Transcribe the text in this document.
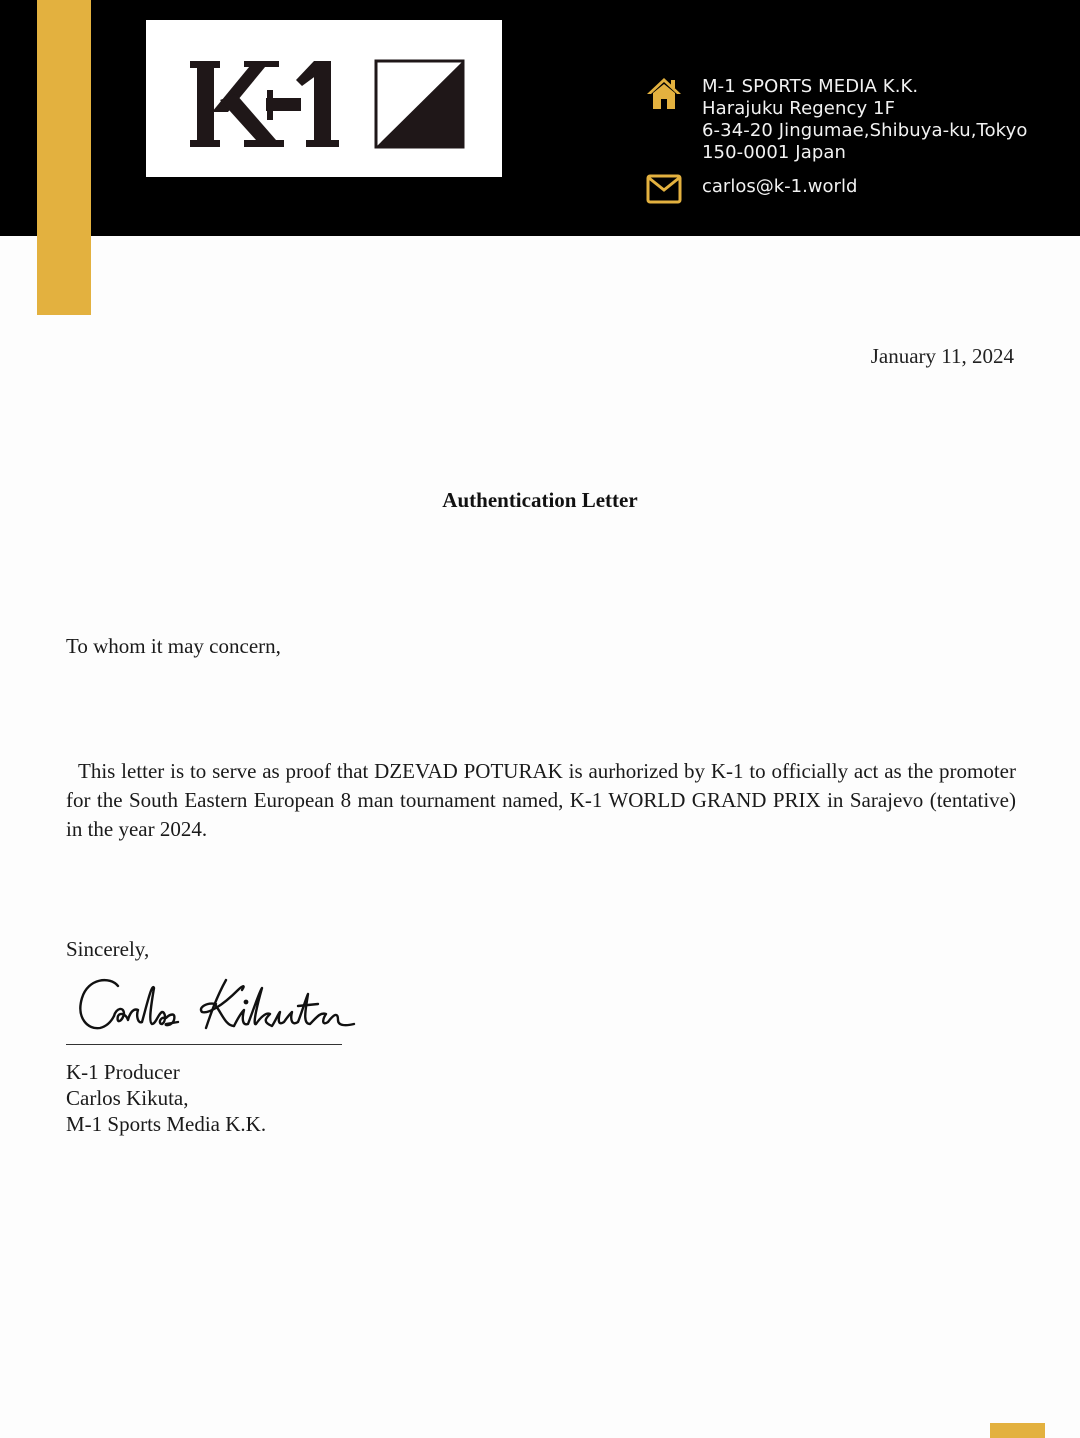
M-1 SPORTS MEDIA K.K.
Harajuku Regency 1F
6-34-20 Jingumae,Shibuya-ku,Tokyo
150-0001 Japan
carlos@k-1.world
January 11, 2024
Authentication Letter
To whom it may concern,
This letter is to serve as proof that DZEVAD POTURAK is aurhorized by K-1 to officially act as the promoter for the South Eastern European 8 man tournament named, K-1 WORLD GRAND PRIX in Sarajevo (tentative) in the year 2024.
Sincerely,
K-1 Producer
Carlos Kikuta,
M-1 Sports Media K.K.
